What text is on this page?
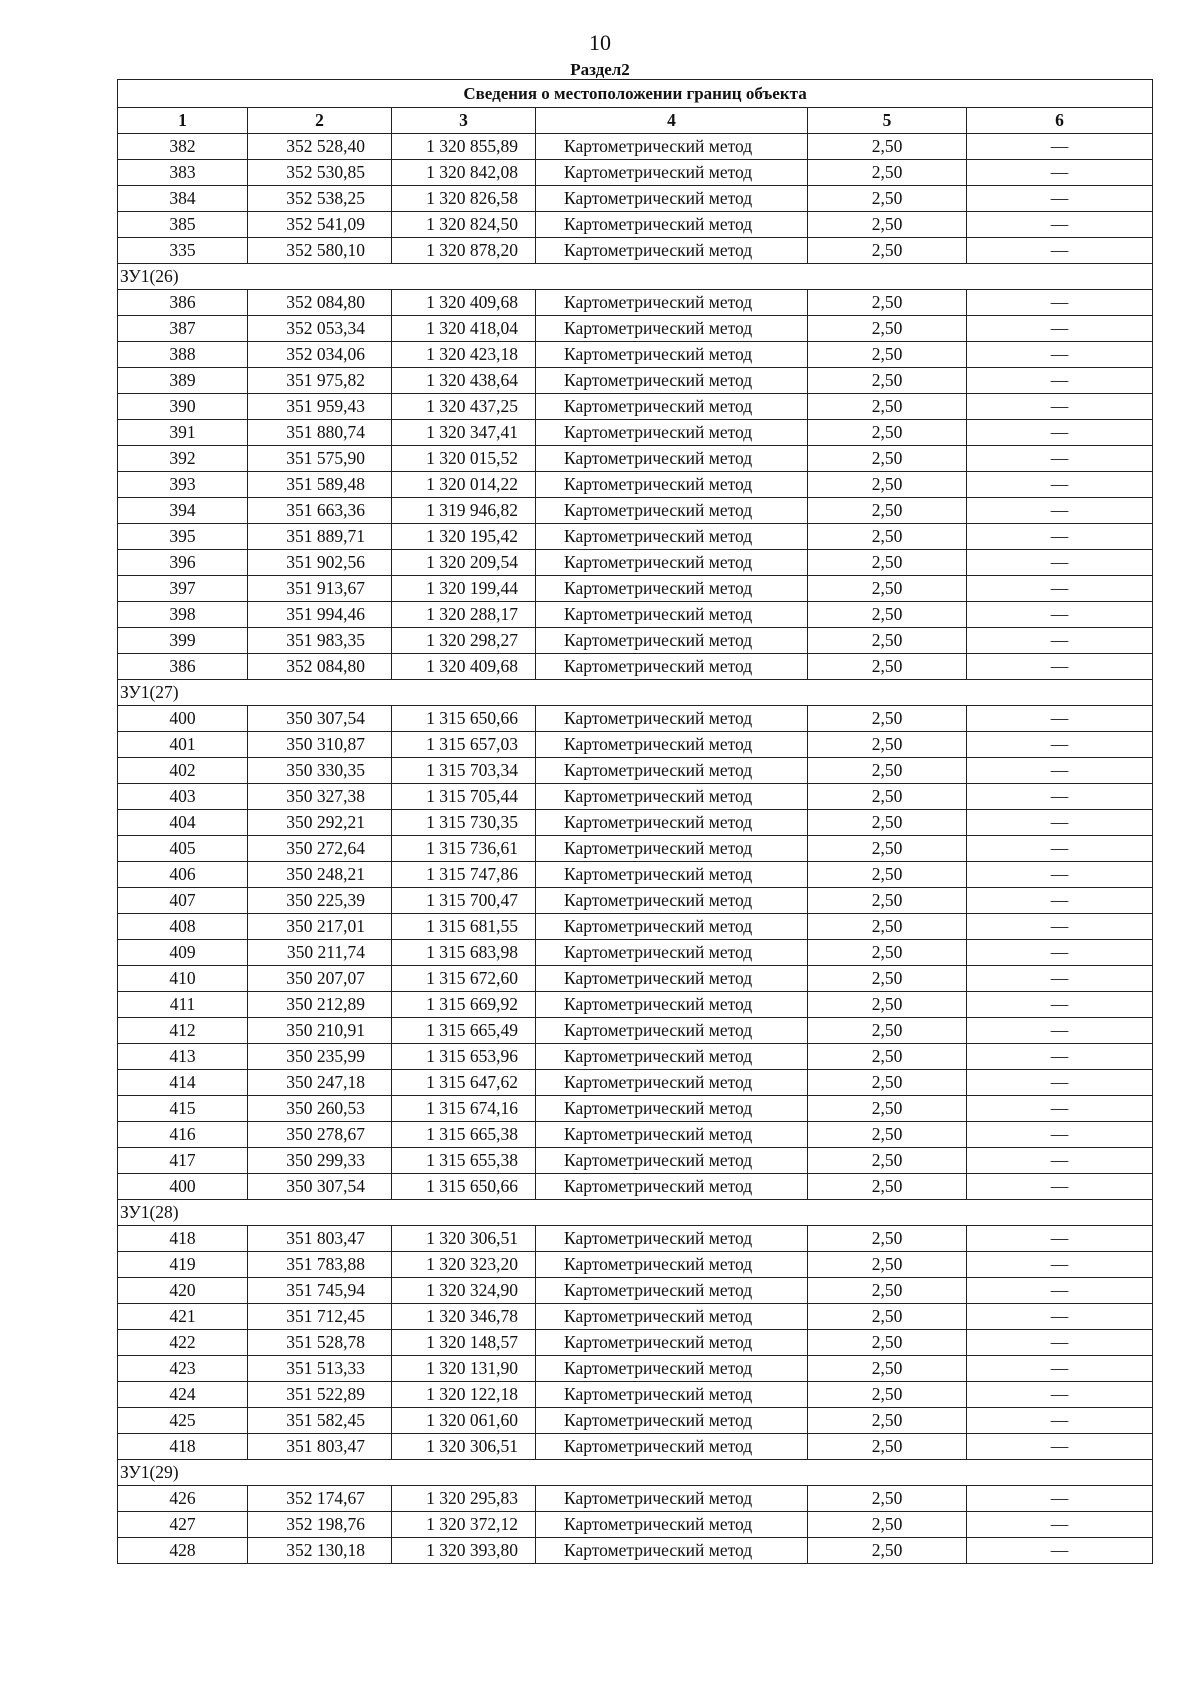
10
Раздел2
Сведения о местоположении границ объекта					
1	2	3	4	5	6
382	352 528,40	1 320 855,89	Картометрический метод	2,50	—
383	352 530,85	1 320 842,08	Картометрический метод	2,50	—
384	352 538,25	1 320 826,58	Картометрический метод	2,50	—
385	352 541,09	1 320 824,50	Картометрический метод	2,50	—
335	352 580,10	1 320 878,20	Картометрический метод	2,50	—
ЗУ1(26)					
386	352 084,80	1 320 409,68	Картометрический метод	2,50	—
387	352 053,34	1 320 418,04	Картометрический метод	2,50	—
388	352 034,06	1 320 423,18	Картометрический метод	2,50	—
389	351 975,82	1 320 438,64	Картометрический метод	2,50	—
390	351 959,43	1 320 437,25	Картометрический метод	2,50	—
391	351 880,74	1 320 347,41	Картометрический метод	2,50	—
392	351 575,90	1 320 015,52	Картометрический метод	2,50	—
393	351 589,48	1 320 014,22	Картометрический метод	2,50	—
394	351 663,36	1 319 946,82	Картометрический метод	2,50	—
395	351 889,71	1 320 195,42	Картометрический метод	2,50	—
396	351 902,56	1 320 209,54	Картометрический метод	2,50	—
397	351 913,67	1 320 199,44	Картометрический метод	2,50	—
398	351 994,46	1 320 288,17	Картометрический метод	2,50	—
399	351 983,35	1 320 298,27	Картометрический метод	2,50	—
386	352 084,80	1 320 409,68	Картометрический метод	2,50	—
ЗУ1(27)					
400	350 307,54	1 315 650,66	Картометрический метод	2,50	—
401	350 310,87	1 315 657,03	Картометрический метод	2,50	—
402	350 330,35	1 315 703,34	Картометрический метод	2,50	—
403	350 327,38	1 315 705,44	Картометрический метод	2,50	—
404	350 292,21	1 315 730,35	Картометрический метод	2,50	—
405	350 272,64	1 315 736,61	Картометрический метод	2,50	—
406	350 248,21	1 315 747,86	Картометрический метод	2,50	—
407	350 225,39	1 315 700,47	Картометрический метод	2,50	—
408	350 217,01	1 315 681,55	Картометрический метод	2,50	—
409	350 211,74	1 315 683,98	Картометрический метод	2,50	—
410	350 207,07	1 315 672,60	Картометрический метод	2,50	—
411	350 212,89	1 315 669,92	Картометрический метод	2,50	—
412	350 210,91	1 315 665,49	Картометрический метод	2,50	—
413	350 235,99	1 315 653,96	Картометрический метод	2,50	—
414	350 247,18	1 315 647,62	Картометрический метод	2,50	—
415	350 260,53	1 315 674,16	Картометрический метод	2,50	—
416	350 278,67	1 315 665,38	Картометрический метод	2,50	—
417	350 299,33	1 315 655,38	Картометрический метод	2,50	—
400	350 307,54	1 315 650,66	Картометрический метод	2,50	—
ЗУ1(28)					
418	351 803,47	1 320 306,51	Картометрический метод	2,50	—
419	351 783,88	1 320 323,20	Картометрический метод	2,50	—
420	351 745,94	1 320 324,90	Картометрический метод	2,50	—
421	351 712,45	1 320 346,78	Картометрический метод	2,50	—
422	351 528,78	1 320 148,57	Картометрический метод	2,50	—
423	351 513,33	1 320 131,90	Картометрический метод	2,50	—
424	351 522,89	1 320 122,18	Картометрический метод	2,50	—
425	351 582,45	1 320 061,60	Картометрический метод	2,50	—
418	351 803,47	1 320 306,51	Картометрический метод	2,50	—
ЗУ1(29)					
426	352 174,67	1 320 295,83	Картометрический метод	2,50	—
427	352 198,76	1 320 372,12	Картометрический метод	2,50	—
428	352 130,18	1 320 393,80	Картометрический метод	2,50	—
